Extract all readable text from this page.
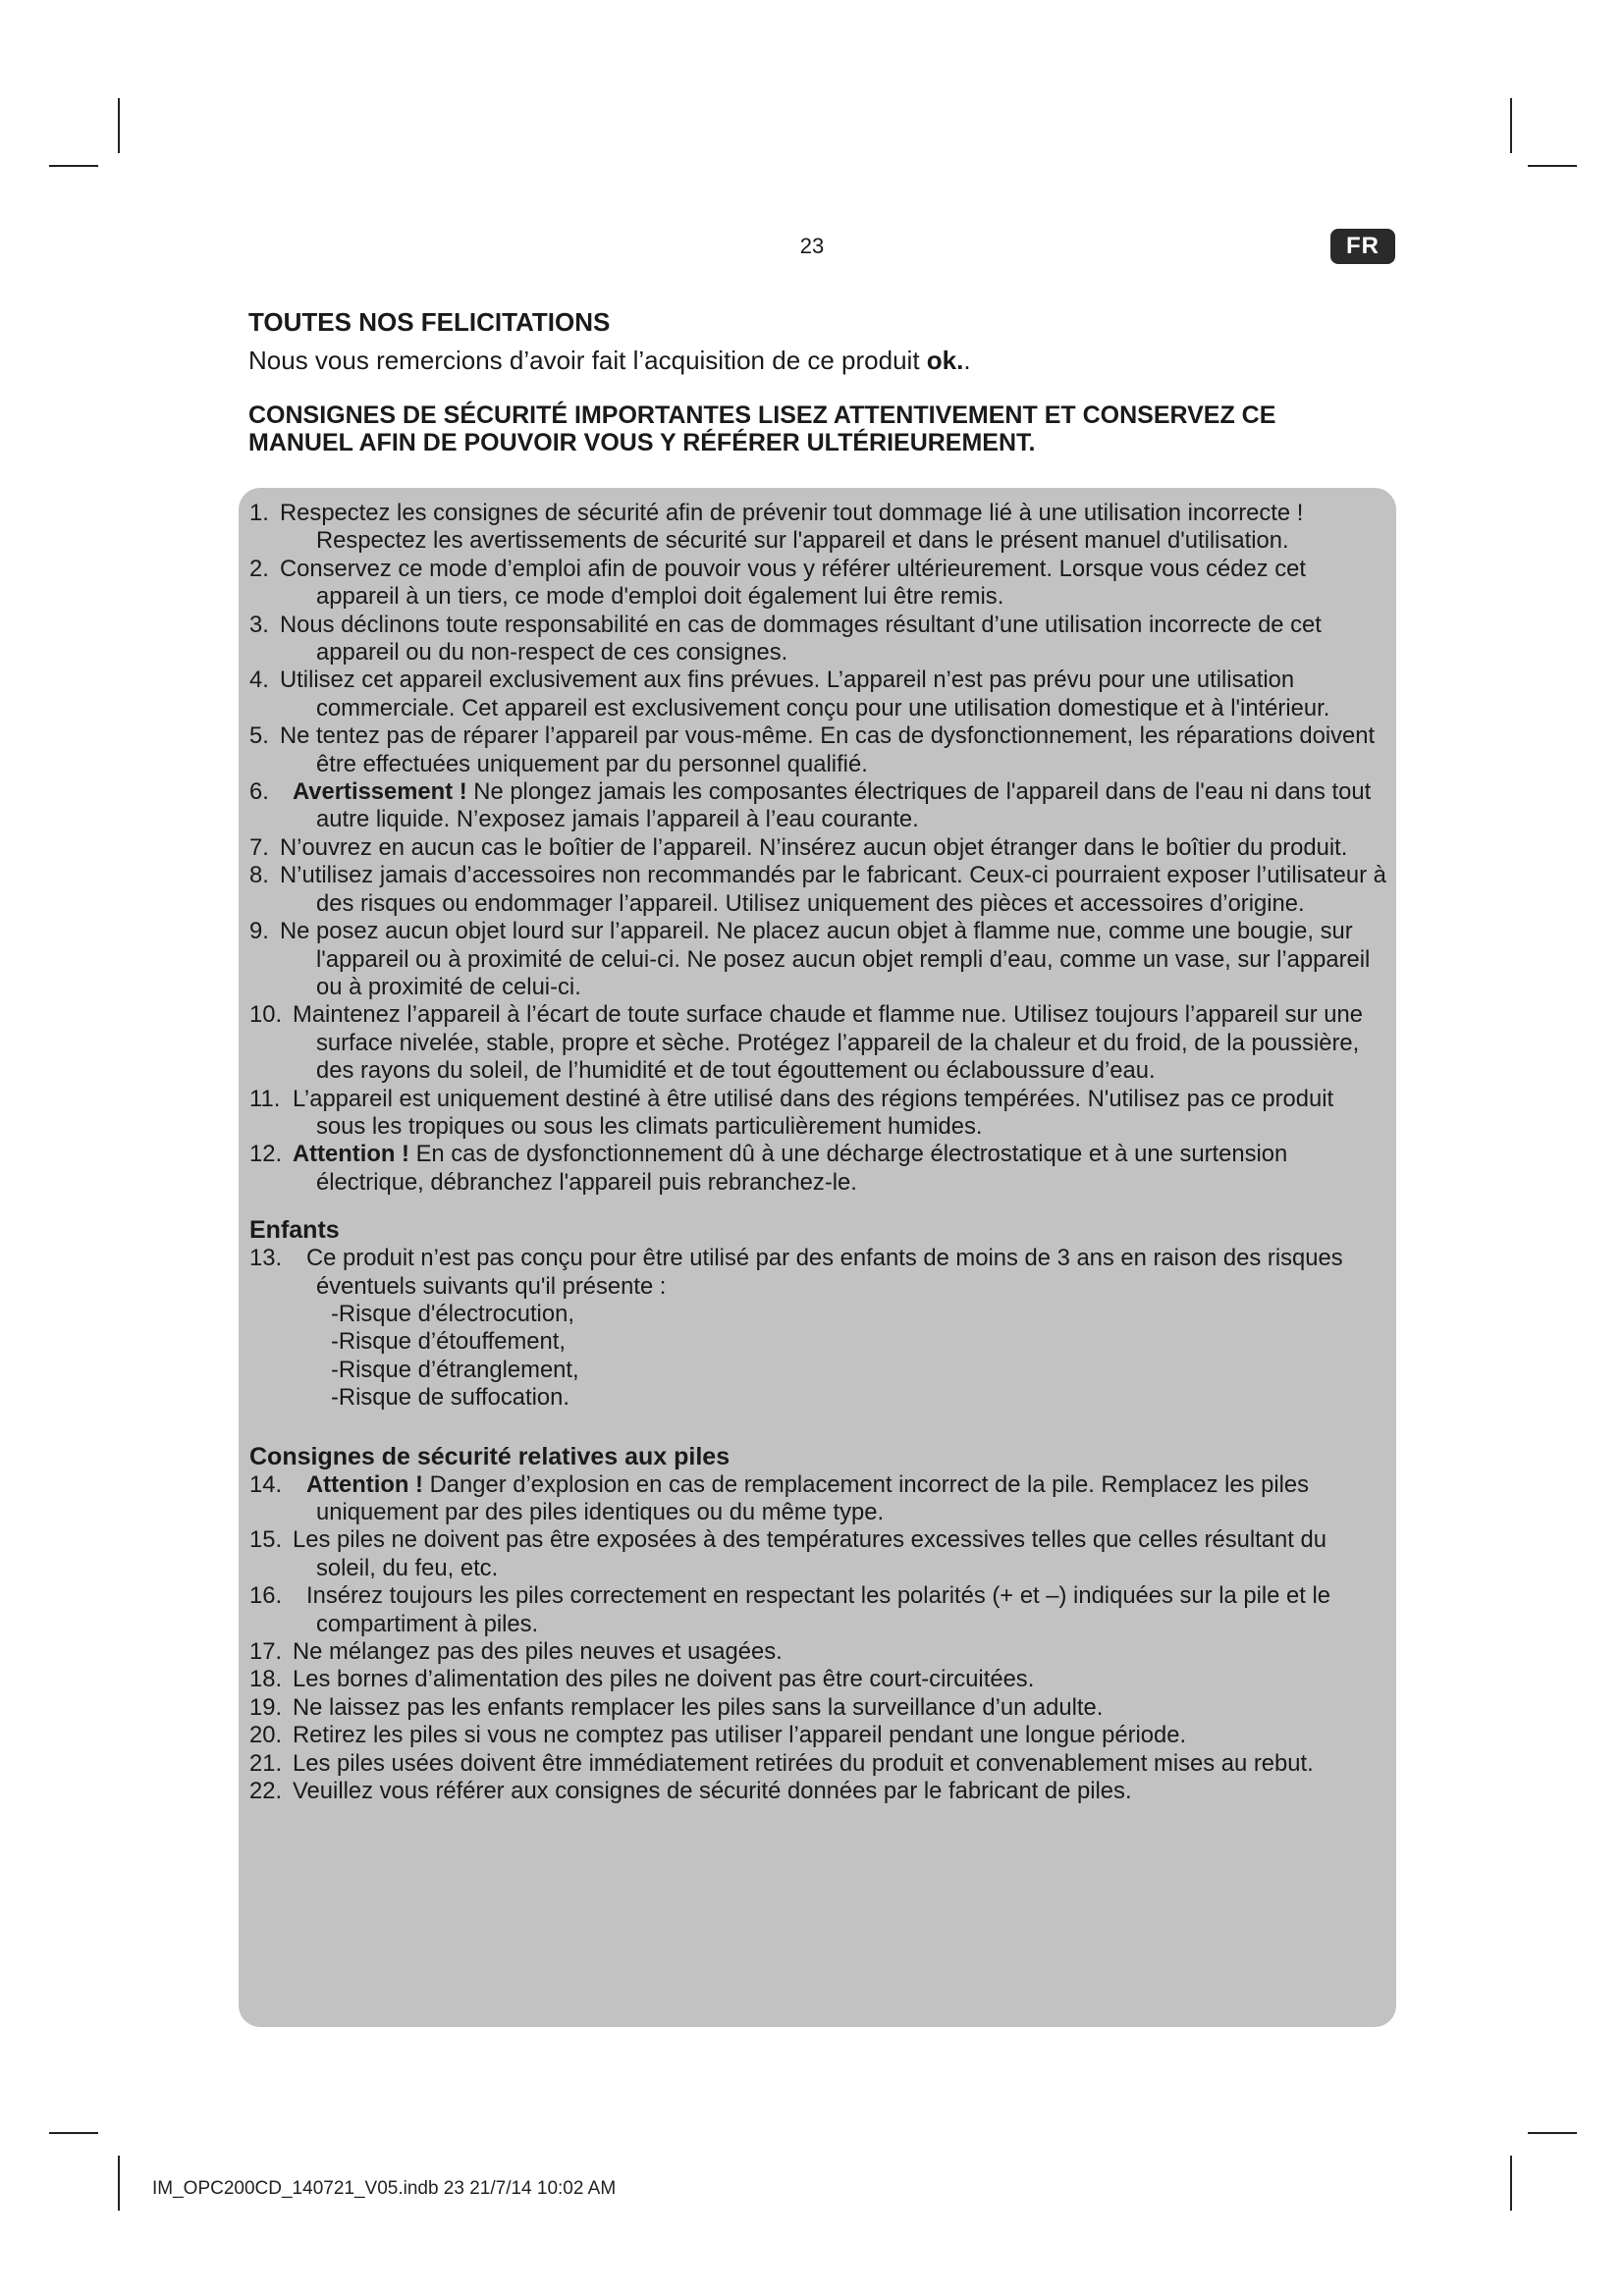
23	FR
TOUTES NOS FELICITATIONS
Nous vous remercions d’avoir fait l’acquisition de ce produit ok..
CONSIGNES DE SÉCURITÉ IMPORTANTES LISEZ ATTENTIVEMENT ET CONSERVEZ CE MANUEL AFIN DE POUVOIR VOUS Y RÉFÉRER ULTÉRIEUREMENT.
1. Respectez les consignes de sécurité afin de prévenir tout dommage lié à une utilisation incorrecte ! Respectez les avertissements de sécurité sur l'appareil et dans le présent manuel d'utilisation.
2. Conservez ce mode d’emploi afin de pouvoir vous y référer ultérieurement. Lorsque vous cédez cet appareil à un tiers, ce mode d'emploi doit également lui être remis.
3. Nous déclinons toute responsabilité en cas de dommages résultant d’une utilisation incorrecte de cet appareil ou du non-respect de ces consignes.
4. Utilisez cet appareil exclusivement aux fins prévues. L’appareil n’est pas prévu pour une utilisation commerciale. Cet appareil est exclusivement conçu pour une utilisation domestique et à l'intérieur.
5. Ne tentez pas de réparer l’appareil par vous-même. En cas de dysfonctionnement, les réparations doivent être effectuées uniquement par du personnel qualifié.
6. Avertissement ! Ne plongez jamais les composantes électriques de l'appareil dans de l'eau ni dans tout autre liquide. N’exposez jamais l’appareil à l’eau courante.
7. N’ouvrez en aucun cas le boîtier de l’appareil. N’insérez aucun objet étranger dans le boîtier du produit.
8. N’utilisez jamais d’accessoires non recommandés par le fabricant. Ceux-ci pourraient exposer l’utilisateur à des risques ou endommager l’appareil. Utilisez uniquement des pièces et accessoires d’origine.
9. Ne posez aucun objet lourd sur l’appareil. Ne placez aucun objet à flamme nue, comme une bougie, sur l'appareil ou à proximité de celui-ci. Ne posez aucun objet rempli d’eau, comme un vase, sur l’appareil ou à proximité de celui-ci.
10. Maintenez l’appareil à l’écart de toute surface chaude et flamme nue. Utilisez toujours l’appareil sur une surface nivelée, stable, propre et sèche. Protégez l’appareil de la chaleur et du froid, de la poussière, des rayons du soleil, de l’humidité et de tout égouttement ou éclaboussure d’eau.
11. L’appareil est uniquement destiné à être utilisé dans des régions tempérées. N'utilisez pas ce produit sous les tropiques ou sous les climats particulièrement humides.
12. Attention ! En cas de dysfonctionnement dû à une décharge électrostatique et à une surtension électrique, débranchez l'appareil puis rebranchez-le.
Enfants
13. Ce produit n’est pas conçu pour être utilisé par des enfants de moins de 3 ans en raison des risques éventuels suivants qu'il présente :
-Risque d'électrocution,
-Risque d’étouffement,
-Risque d’étranglement,
-Risque de suffocation.
Consignes de sécurité relatives aux piles
14. Attention ! Danger d’explosion en cas de remplacement incorrect de la pile. Remplacez les piles uniquement par des piles identiques ou du même type.
15. Les piles ne doivent pas être exposées à des températures excessives telles que celles résultant du soleil, du feu, etc.
16. Insérez toujours les piles correctement en respectant les polarités (+ et –) indiquées sur la pile et le compartiment à piles.
17. Ne mélangez pas des piles neuves et usagées.
18. Les bornes d’alimentation des piles ne doivent pas être court-circuitées.
19. Ne laissez pas les enfants remplacer les piles sans la surveillance d’un adulte.
20. Retirez les piles si vous ne comptez pas utiliser l’appareil pendant une longue période.
21. Les piles usées doivent être immédiatement retirées du produit et convenablement mises au rebut.
22. Veuillez vous référer aux consignes de sécurité données par le fabricant de piles.
IM_OPC200CD_140721_V05.indb 23 21/7/14 10:02 AM
